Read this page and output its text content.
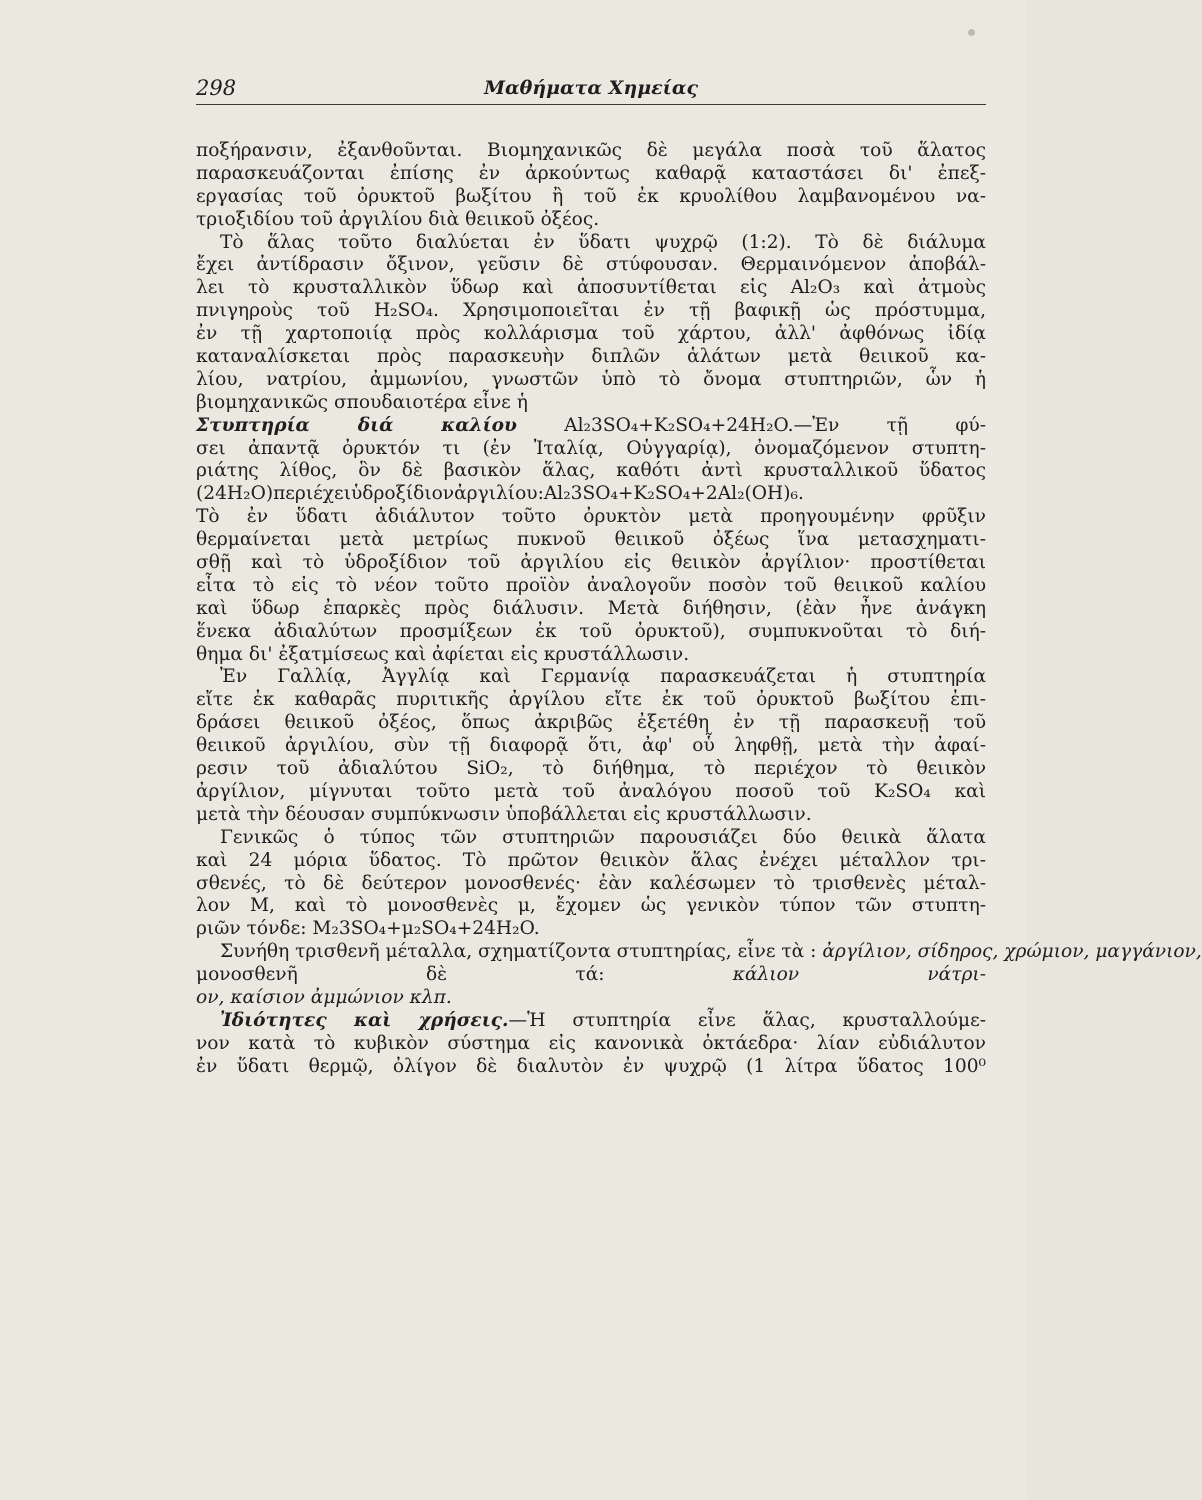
298	Μαθήματα Χημείας
ποξήρανσιν, ἐξανθοῦνται. Βιομηχανικῶς δὲ μεγάλα ποσὰ τοῦ ἅλατος
παρασκευάζονται ἐπίσης ἐν ἀρκούντως καθαρᾷ καταστάσει δι' ἐπεξ-
εργασίας τοῦ ὀρυκτοῦ βωξίτου ἢ τοῦ ἐκ κρυολίθου λαμβανομένου να-
τριοξιδίου τοῦ ἀργιλίου διὰ θειικοῦ ὀξέος.
Τὸ ἅλας τοῦτο διαλύεται ἐν ὕδατι ψυχρῷ (1:2). Τὸ δὲ διάλυμα
ἔχει ἀντίδρασιν ὄξινον, γεῦσιν δὲ στύφουσαν. Θερμαινόμενον ἀποβάλ-
λει τὸ κρυσταλλικὸν ὕδωρ καὶ ἀποσυντίθεται εἰς Al₂O₃ καὶ ἀτμοὺς
πνιγηροὺς τοῦ H₂SO₄. Χρησιμοποιεῖται ἐν τῇ βαφικῇ ὡς πρόστυμμα,
ἐν τῇ χαρτοποιίᾳ πρὸς κολλάρισμα τοῦ χάρτου, ἀλλ' ἀφθόνως ἰδίᾳ
καταναλίσκεται πρὸς παρασκευὴν διπλῶν ἁλάτων μετὰ θειικοῦ κα-
λίου, νατρίου, ἀμμωνίου, γνωστῶν ὑπὸ τὸ ὄνομα στυπτηριῶν, ὧν ἡ
βιομηχανικῶς σπουδαιοτέρα εἶνε ἡ
Στυπτηρία διά καλίου	Al₂3SO₄+K₂SO₄+24H₂O.—Ἐν τῇ φύ-
σει ἀπαντᾷ ὀρυκτόν τι (ἐν Ἰταλίᾳ, Οὑγγαρίᾳ), ὀνομαζόμενον στυπτη-
ριάτης λίθος, ὃν δὲ βασικὸν ἅλας, καθότι ἀντὶ κρυσταλλικοῦ ὕδατος
(24H₂O)περιέχειὑδροξίδιονἀργιλίου:Al₂3SO₄+K₂SO₄+2Al₂(OH)₆.
Τὸ ἐν ὕδατι ἀδιάλυτον τοῦτο ὀρυκτὸν μετὰ προηγουμένην φρῦξιν
θερμαίνεται μετὰ μετρίως πυκνοῦ θειικοῦ ὀξέως ἵνα μετασχηματι-
σθῇ καὶ τὸ ὑδροξίδιον τοῦ ἀργιλίου εἰς θειικὸν ἀργίλιον· προστίθεται
εἶτα τὸ εἰς τὸ νέον τοῦτο προϊὸν ἀναλογοῦν ποσὸν τοῦ θειικοῦ καλίου
καὶ ὕδωρ ἐπαρκὲς πρὸς διάλυσιν. Μετὰ διήθησιν, (ἐὰν ἦνε ἀνάγκη
ἕνεκα ἀδιαλύτων προσμίξεων ἐκ τοῦ ὀρυκτοῦ), συμπυκνοῦται τὸ διή-
θημα δι' ἐξατμίσεως καὶ ἀφίεται εἰς κρυστάλλωσιν.
Ἐν Γαλλίᾳ, Ἀγγλίᾳ καὶ Γερμανίᾳ παρασκευάζεται ἡ στυπτηρία
εἴτε ἐκ καθαρᾶς πυριτικῆς ἀργίλου εἴτε ἐκ τοῦ ὀρυκτοῦ βωξίτου ἐπι-
δράσει θειικοῦ ὀξέος, ὅπως ἀκριβῶς ἐξετέθη ἐν τῇ παρασκευῇ τοῦ
θειικοῦ ἀργιλίου, σὺν τῇ διαφορᾷ ὅτι, ἀφ' οὗ ληφθῇ, μετὰ τὴν ἀφαί-
ρεσιν τοῦ ἀδιαλύτου SiO₂, τὸ διήθημα, τὸ περιέχον τὸ θειικὸν
ἀργίλιον, μίγνυται τοῦτο μετὰ τοῦ ἀναλόγου ποσοῦ τοῦ K₂SO₄ καὶ
μετὰ τὴν δέουσαν συμπύκνωσιν ὑποβάλλεται εἰς κρυστάλλωσιν.
Γενικῶς ὁ τύπος τῶν στυπτηριῶν παρουσιάζει δύο θειικὰ ἅλατα
καὶ 24 μόρια ὕδατος. Τὸ πρῶτον θειικὸν ἅλας ἐνέχει μέταλλον τρι-
σθενές, τὸ δὲ δεύτερον μονοσθενές· ἐὰν καλέσωμεν τὸ τρισθενὲς μέταλ-
λον M, καὶ τὸ μονοσθενὲς μ, ἔχομεν ὡς γενικὸν τύπον τῶν στυπτη-
ριῶν τόνδε: M₂3SO₄+μ₂SO₄+24H₂O.
Συνήθη τρισθενῆ μέταλλα, σχηματίζοντα στυπτηρίας, εἶνε τὰ : ἀργίλιον, σίδηρος, χρώμιον, μαγγάνιον,
μονοσθενῆ δὲ τά:	κάλιον νάτρι-
ον, καίσιον ἀμμώνιον κλπ.
Ἰδιότητες καὶ χρήσεις.—Ἡ στυπτηρία εἶνε ἅλας, κρυσταλλούμε-
νον κατὰ τὸ κυβικὸν σύστημα εἰς κανονικὰ ὀκτάεδρα· λίαν εὐδιάλυτον
ἐν ὕδατι θερμῷ, ὀλίγον δὲ διαλυτὸν ἐν ψυχρῷ (1 λίτρα ὕδατος 100⁰
